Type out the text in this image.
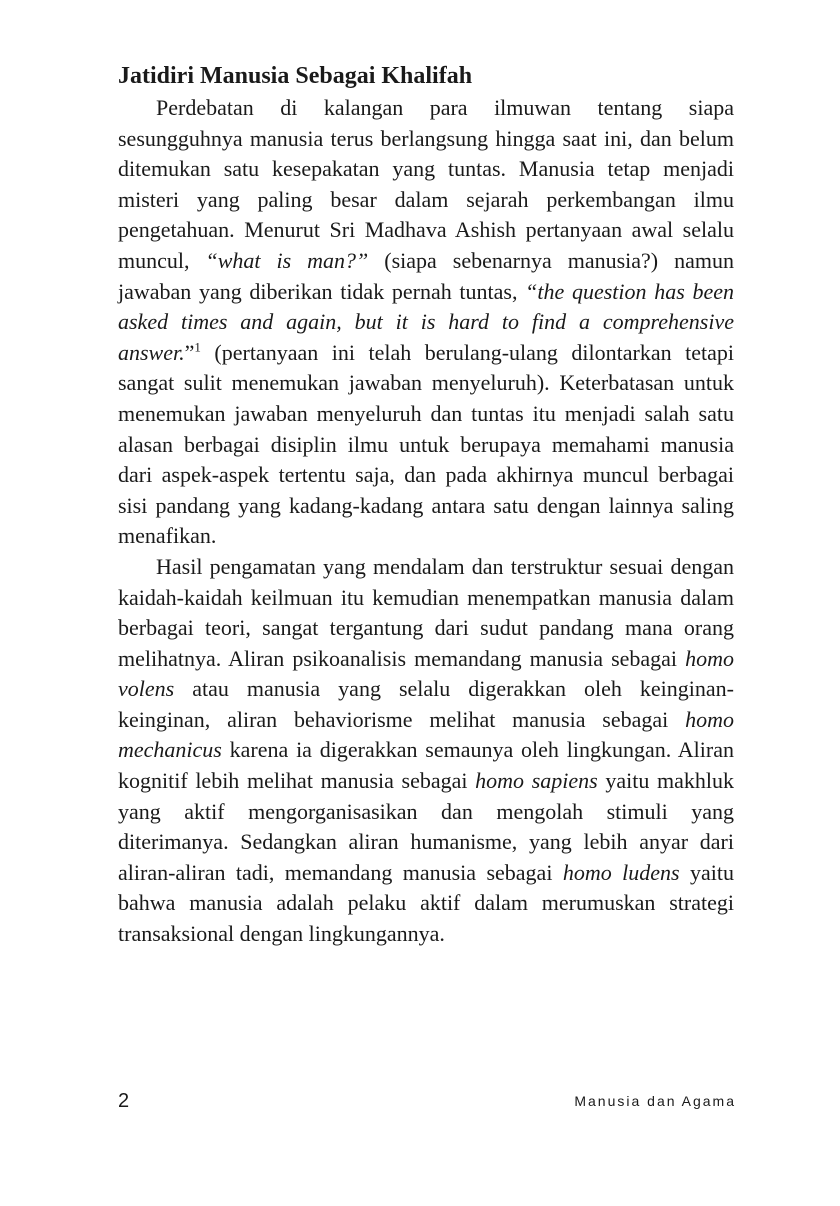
Jatidiri Manusia Sebagai Khalifah

Perdebatan di kalangan para ilmuwan tentang siapa sesungguhnya manusia terus berlangsung hingga saat ini, dan belum ditemukan satu kesepakatan yang tuntas. Manusia tetap menjadi misteri yang paling besar dalam sejarah perkembangan ilmu pengetahuan. Menurut Sri Madhava Ashish pertanyaan awal selalu muncul, “what is man?” (siapa sebenarnya manusia?) namun jawaban yang diberikan tidak pernah tuntas, “the question has been asked times and again, but it is hard to find a comprehensive answer.”$^1$ (pertanyaan ini telah berulang-ulang dilontarkan tetapi sangat sulit menemukan jawaban menyeluruh). Keterbatasan untuk menemukan jawaban menyeluruh dan tuntas itu menjadi salah satu alasan berbagai disiplin ilmu untuk berupaya memahami manusia dari aspek-aspek tertentu saja, dan pada akhirnya muncul berbagai sisi pandang yang kadang-kadang antara satu dengan lainnya saling menafikan.

Hasil pengamatan yang mendalam dan terstruktur sesuai dengan kaidah-kaidah keilmuan itu kemudian menempatkan manusia dalam berbagai teori, sangat tergantung dari sudut pandang mana orang melihatnya. Aliran psikoanalisis memandang manusia sebagai homo volens atau manusia yang selalu digerakkan oleh keinginan-keinginan, aliran behaviorisme melihat manusia sebagai homo mechanicus karena ia digerakkan semaunya oleh lingkungan. Aliran kognitif lebih melihat manusia sebagai homo sapiens yaitu makhluk yang aktif mengorganisasikan dan mengolah stimuli yang diterimanya. Sedangkan aliran humanisme, yang lebih anyar dari aliran-aliran tadi, memandang manusia sebagai homo ludens yaitu bahwa manusia adalah pelaku aktif dalam merumuskan strategi transaksional dengan lingkungannya.

2	Manusia dan Agama
